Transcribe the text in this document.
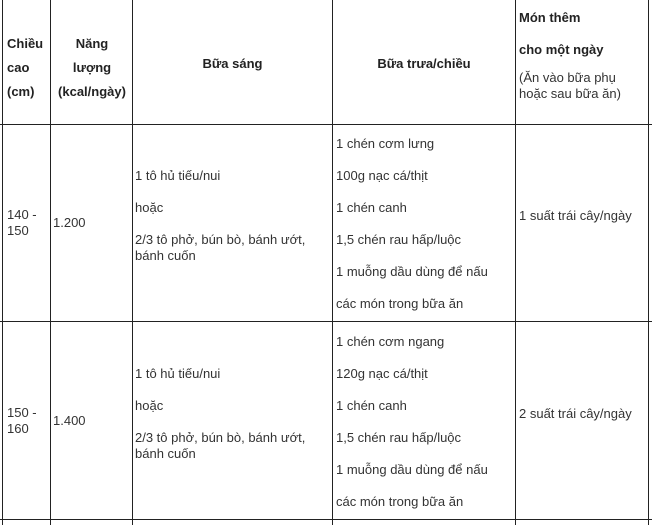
Chiều
cao
(cm)
Năng
lượng
(kcal/ngày)
Bữa sáng	Bữa trưa/chiều
Món thêm
cho một ngày
(Ăn vào bữa phụ hoặc sau bữa ăn)
140 -
150
1.200
1 tô hủ tiếu/nui
hoặc
2/3 tô phở, bún bò, bánh ướt, bánh cuốn
1 chén cơm lưng
100g nạc cá/thịt
1 chén canh
1,5 chén rau hấp/luộc
1 muỗng dầu dùng để nấu
các món trong bữa ăn
1 suất trái cây/ngày
150 -
160
1.400
1 tô hủ tiếu/nui
hoặc
2/3 tô phở, bún bò, bánh ướt, bánh cuốn
1 chén cơm ngang
120g nạc cá/thịt
1 chén canh
1,5 chén rau hấp/luộc
1 muỗng dầu dùng để nấu
các món trong bữa ăn
2 suất trái cây/ngày
